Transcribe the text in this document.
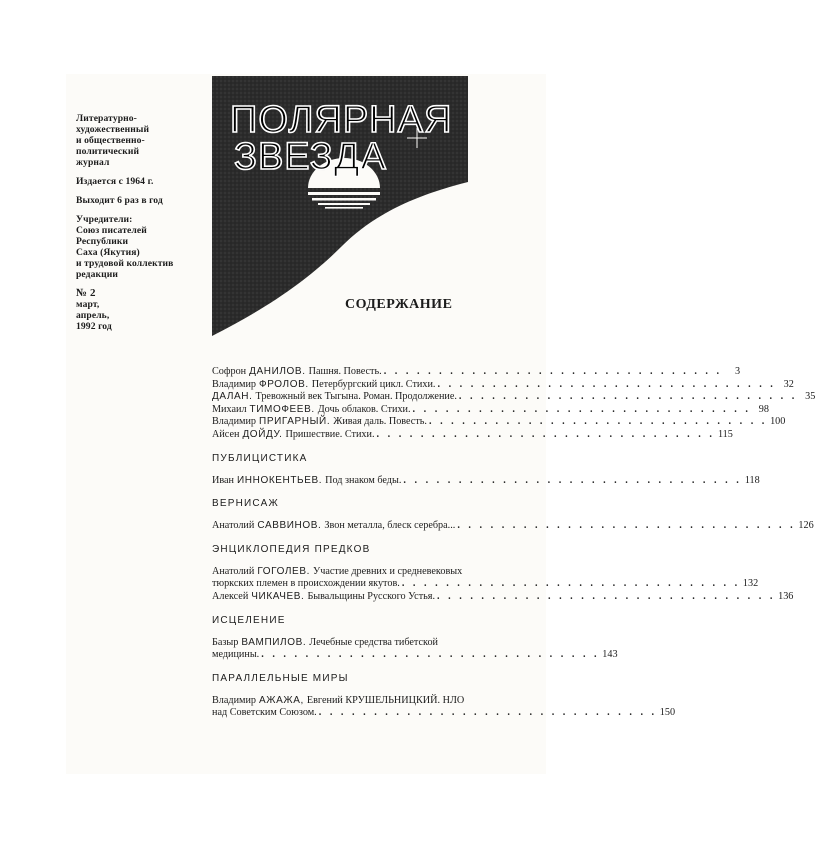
Литературно-
художественный
и общественно-
политический
журнал

Издается с 1964 г.

Выходит 6 раз в год

Учредители:
Союз писателей
Республики
Саха (Якутия)
и трудовой коллектив
редакции

№ 2

март,
апрель,
1992 год

ПОЛЯРНАЯ
ЗВЕЗДА
СОДЕРЖАНИЕ
Софрон ДАНИЛОВ. Пашня. Повесть. . . . . . . . . . . . . . . . . . . . . . . . . . . . . . . .	3
Владимир ФРОЛОВ. Петербургский цикл. Стихи. . . . . . . . . . . . . . . . . . . . . . . . . . . . . . . . 32
ДАЛАН. Тревожный век Тыгына. Роман. Продолжение. . . . . . . . . . . . . . . . . . . . . . . . . . . . . . . . 35
Михаил ТИМОФЕЕВ. Дочь облаков. Стихи. . . . . . . . . . . . . . . . . . . . . . . . . . . . . . . . 98
Владимир ПРИГАРНЫЙ. Живая даль. Повесть. . . . . . . . . . . . . . . . . . . . . . . . . . . . . . . . 100
Айсен ДОЙДУ. Пришествие. Стихи. . . . . . . . . . . . . . . . . . . . . . . . . . . . . . . . 115
ПУБЛИЦИСТИКА
Иван ИННОКЕНТЬЕВ. Под знаком беды. . . . . . . . . . . . . . . . . . . . . . . . . . . . . . . . 118
ВЕРНИСАЖ
Анатолий САВВИНОВ. Звон металла, блеск серебра... . . . . . . . . . . . . . . . . . . . . . . . . . . . . . . . 126
ЭНЦИКЛОПЕДИЯ ПРЕДКОВ
Анатолий ГОГОЛЕВ. Участие древних и средневековых
тюркских племен в происхождении якутов. . . . . . . . . . . . . . . . . . . . . . . . . . . . . . . . 132
Алексей ЧИКАЧЕВ. Бывальщины Русского Устья. . . . . . . . . . . . . . . . . . . . . . . . . . . . . . . . 136
ИСЦЕЛЕНИЕ
Базыр ВАМПИЛОВ. Лечебные средства тибетской
медицины. . . . . . . . . . . . . . . . . . . . . . . . . . . . . . . . 143
ПАРАЛЛЕЛЬНЫЕ МИРЫ
Владимир АЖАЖА, Евгений КРУШЕЛЬНИЦКИЙ. НЛО
над Советским Союзом. . . . . . . . . . . . . . . . . . . . . . . . . . . . . . . . 150
